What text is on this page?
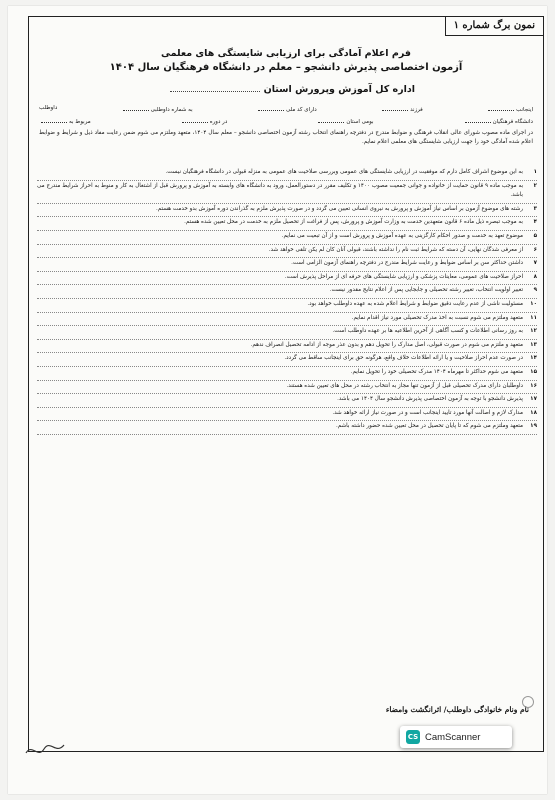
نمون برگ شماره ۱

فرم اعلام آمادگی برای ارزیابی شایستگی های معلمی

آزمون اختصاصی پذیرش دانشجو – معلم در دانشگاه فرهنگیان سال ۱۴۰۴

اداره کل آموزش وپرورش استان
اینجانب
فرزند
دارای کد ملی
به شماره داوطلبی
داوطلب
دانشگاه فرهنگیان
بومی استان
در دوره
مربوط به
در اجرای ماده مصوب شورای عالی انقلاب فرهنگی و ضوابط مندرج در دفترچه راهنمای انتخاب رشته آزمون اختصاصی دانشجو – معلم سال ۱۴۰۴، متعهد وملتزم می شوم ضمن رعایت مفاد ذیل و شرایط و ضوابط اعلام شده آمادگی خود را جهت ارزیابی شایستگی های معلمی اعلام نمایم.
۱
به این موضوع اشراف کامل دارم که موفقیت در ارزیابی شایستگی های عمومی وبررسی صلاحیت های عمومی به منزله قبولی در دانشگاه فرهنگیان نیست.
۲
به موجب ماده ۹ قانون حمایت از خانواده و جوانی جمعیت مصوب ۱۴۰۰ و تکلیف مقرر در دستورالعمل، ورود به دانشگاه های وابسته به آموزش و پرورش قبل از اشتغال به کار و منوط به احراز شرایط مندرج می باشد.
۳
رشته های موضوع آزمون بر اساس نیاز آموزش و پرورش به نیروی انسانی تعیین می گردد و در صورت پذیرش ملزم به گذراندن دوره آموزش بدو خدمت هستم.
۴
به موجب تبصره ذیل ماده ۶ قانون متعهدین خدمت به وزارت آموزش و پرورش، پس از فراغت از تحصیل ملزم به خدمت در محل تعیین شده هستم.
۵
موضوع تعهد به خدمت و صدور احکام کارگزینی به عهده آموزش و پرورش است و از آن تبعیت می نمایم.
۶
از معرفی شدگان نهایی، آن دسته که شرایط ثبت نام را نداشته باشند، قبولی آنان کان لم یکن تلقی خواهد شد.
۷
داشتن حداکثر سن بر اساس ضوابط و رعایت شرایط مندرج در دفترچه راهنمای آزمون الزامی است.
۸
احراز صلاحیت های عمومی، معاینات پزشکی و ارزیابی شایستگی های حرفه ای از مراحل پذیرش است.
۹
تغییر اولویت انتخاب، تغییر رشته تحصیلی و جابجایی پس از اعلام نتایج مقدور نیست.
۱۰
مسئولیت ناشی از عدم رعایت دقیق ضوابط و شرایط اعلام شده به عهده داوطلب خواهد بود.
۱۱
متعهد وملتزم می شوم نسبت به اخذ مدرک تحصیلی مورد نیاز اقدام نمایم.
۱۲
به روز رسانی اطلاعات و کسب آگاهی از آخرین اطلاعیه ها بر عهده داوطلب است.
۱۳
متعهد و ملتزم می شوم در صورت قبولی، اصل مدارک را تحویل دهم و بدون عذر موجه از ادامه تحصیل انصراف ندهم.
۱۴
در صورت عدم احراز صلاحیت و یا ارائه اطلاعات خلاف واقع، هرگونه حق برای اینجانب ساقط می گردد.
۱۵
متعهد می شوم حداکثر تا مهرماه ۱۴۰۴ مدرک تحصیلی خود را تحویل نمایم.
۱۶
داوطلبان دارای مدرک تحصیلی قبل از آزمون تنها مجاز به انتخاب رشته در محل های تعیین شده هستند.
۱۷
پذیرش دانشجو با توجه به آزمون اختصاصی پذیرش دانشجو سال ۱۴۰۴ می باشد.
۱۸
مدارک لازم و اصالت آنها مورد تایید اینجانب است و در صورت نیاز ارائه خواهد شد.
۱۹
متعهد وملتزم می شوم که تا پایان تحصیل در محل تعیین شده حضور داشته باشم.
نام ونام خانوادگی داوطلب/ اثرانگشت وامضاء
CS CamScanner
